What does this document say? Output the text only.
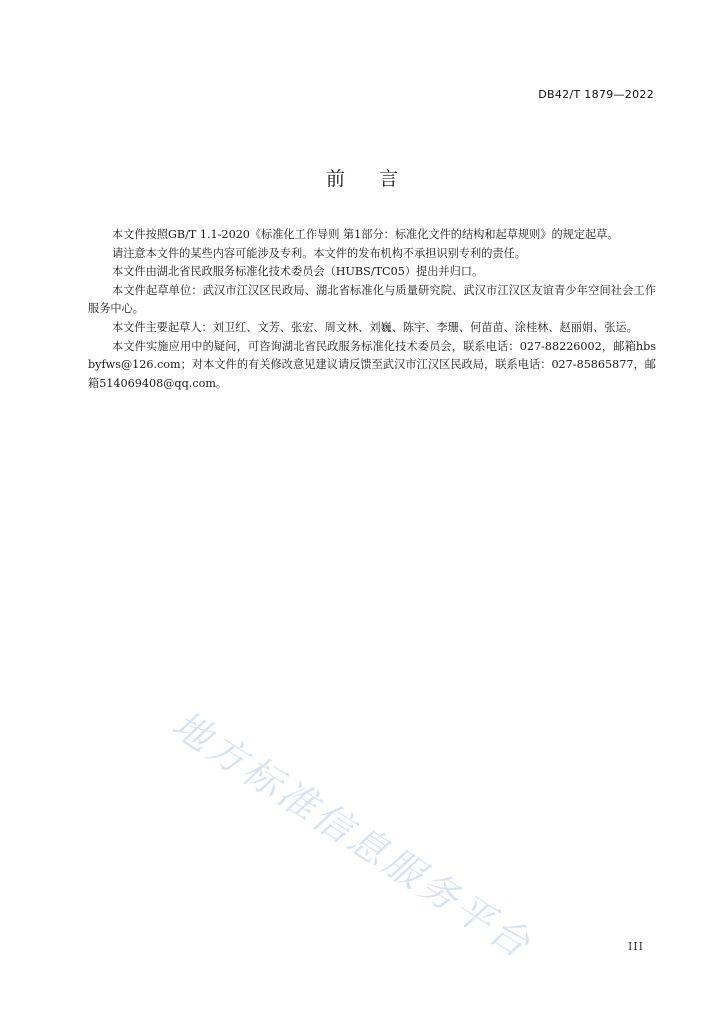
DB42/T 1879—2022
前言

本文件按照GB/T 1.1-2020《标准化工作导则 第1部分：标准化文件的结构和起草规则》的规定起草。

请注意本文件的某些内容可能涉及专利。本文件的发布机构不承担识别专利的责任。

本文件由湖北省民政服务标准化技术委员会（HUBS/TC05）提出并归口。

本文件起草单位：武汉市江汉区民政局、湖北省标准化与质量研究院、武汉市江汉区友谊青少年空间社会工作服务中心。

本文件主要起草人：刘卫红、文芳、张宏、周文林、刘巍、陈宇、李珊、何苗苗、涂桂林、赵丽娟、张运。

本文件实施应用中的疑问，可咨询湖北省民政服务标准化技术委员会，联系电话：027-88226002，邮箱hbsbyfws@126.com；对本文件的有关修改意见建议请反馈至武汉市江汉区民政局，联系电话：027-85865877，邮箱514069408@qq.com。

地方标准信息服务平台	III
